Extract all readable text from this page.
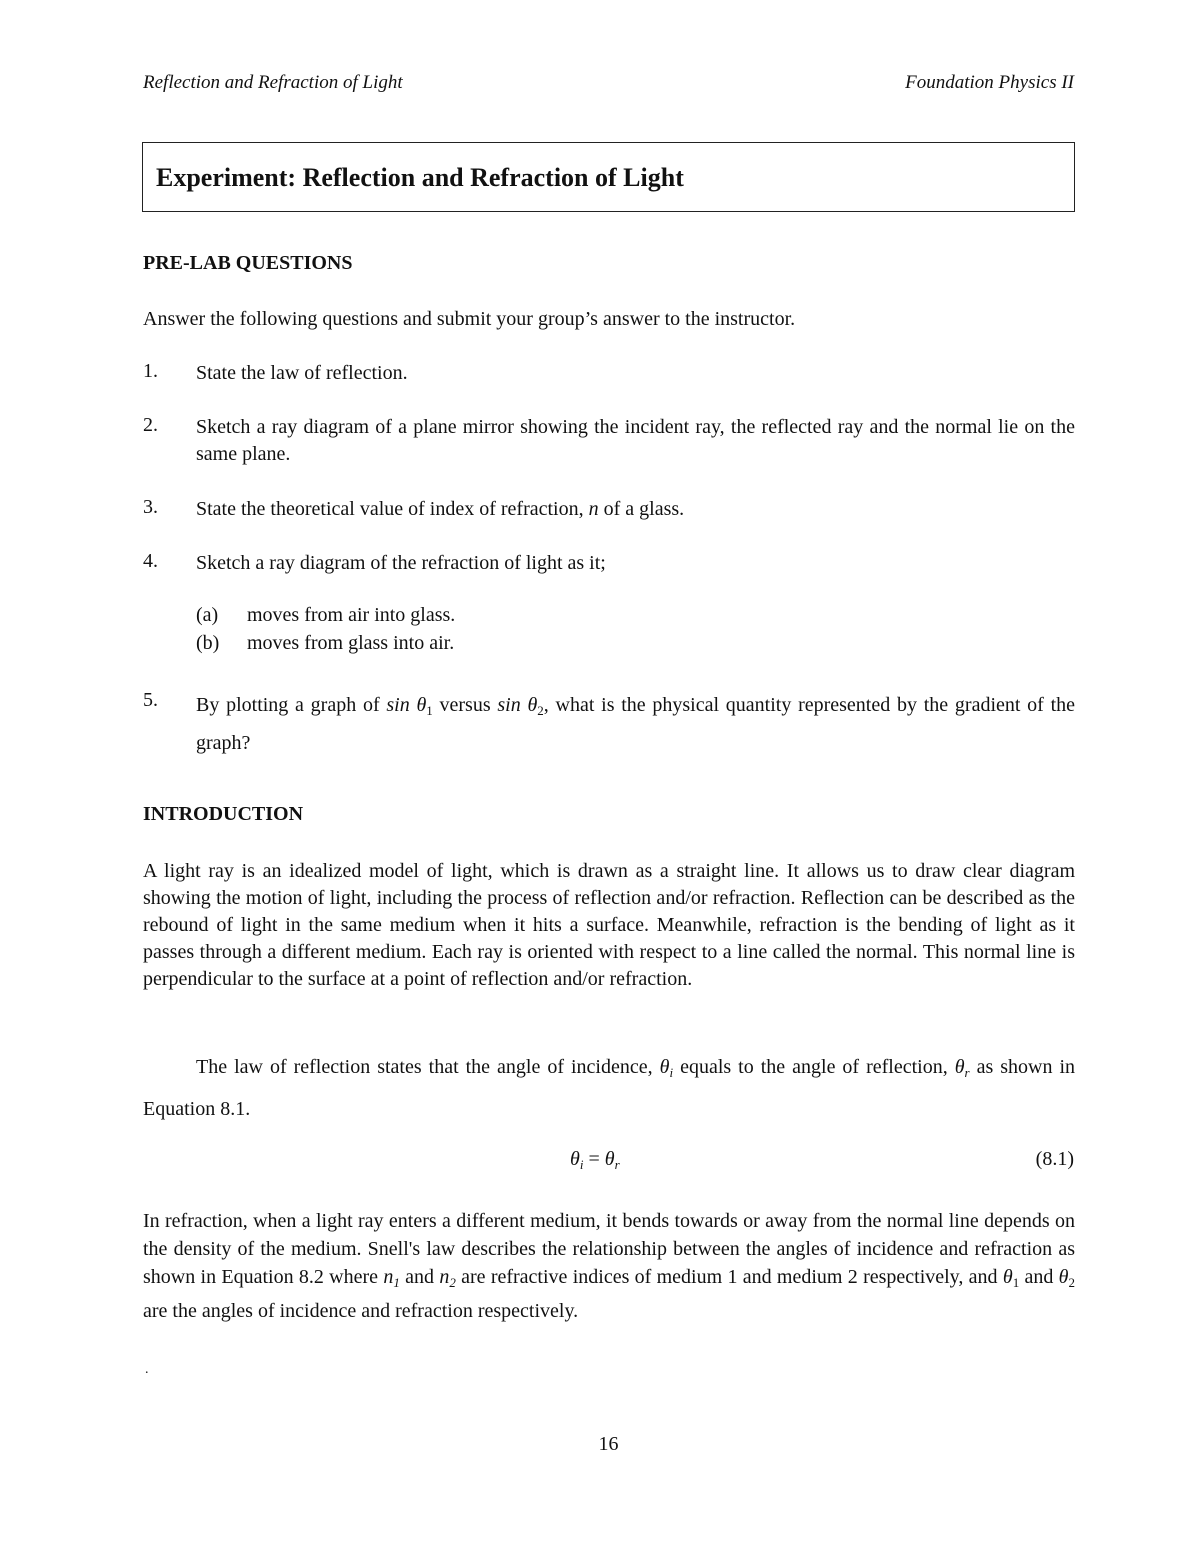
Reflection and Refraction of Light	Foundation Physics II
Experiment: Reflection and Refraction of Light
PRE-LAB QUESTIONS
Answer the following questions and submit your group’s answer to the instructor.
1. State the law of reflection.
2. Sketch a ray diagram of a plane mirror showing the incident ray, the reflected ray and the normal lie on the same plane.
3. State the theoretical value of index of refraction, n of a glass.
4. Sketch a ray diagram of the refraction of light as it;
(a) moves from air into glass.
(b) moves from glass into air.
5. By plotting a graph of $\sin \theta_1$ versus $\sin \theta_2$, what is the physical quantity represented by the gradient of the graph?
INTRODUCTION
A light ray is an idealized model of light, which is drawn as a straight line. It allows us to draw clear diagram showing the motion of light, including the process of reflection and/or refraction. Reflection can be described as the rebound of light in the same medium when it hits a surface. Meanwhile, refraction is the bending of light as it passes through a different medium. Each ray is oriented with respect to a line called the normal. This normal line is perpendicular to the surface at a point of reflection and/or refraction.
The law of reflection states that the angle of incidence, $\theta_i$ equals to the angle of reflection, $\theta_r$ as shown in Equation 8.1.
$\theta_i = \theta_r$	(8.1)
In refraction, when a light ray enters a different medium, it bends towards or away from the normal line depends on the density of the medium. Snell's law describes the relationship between the angles of incidence and refraction as shown in Equation 8.2 where $n_1$ and $n_2$ are refractive indices of medium 1 and medium 2 respectively, and $\theta_1$ and $\theta_2$ are the angles of incidence and refraction respectively.
.
16
